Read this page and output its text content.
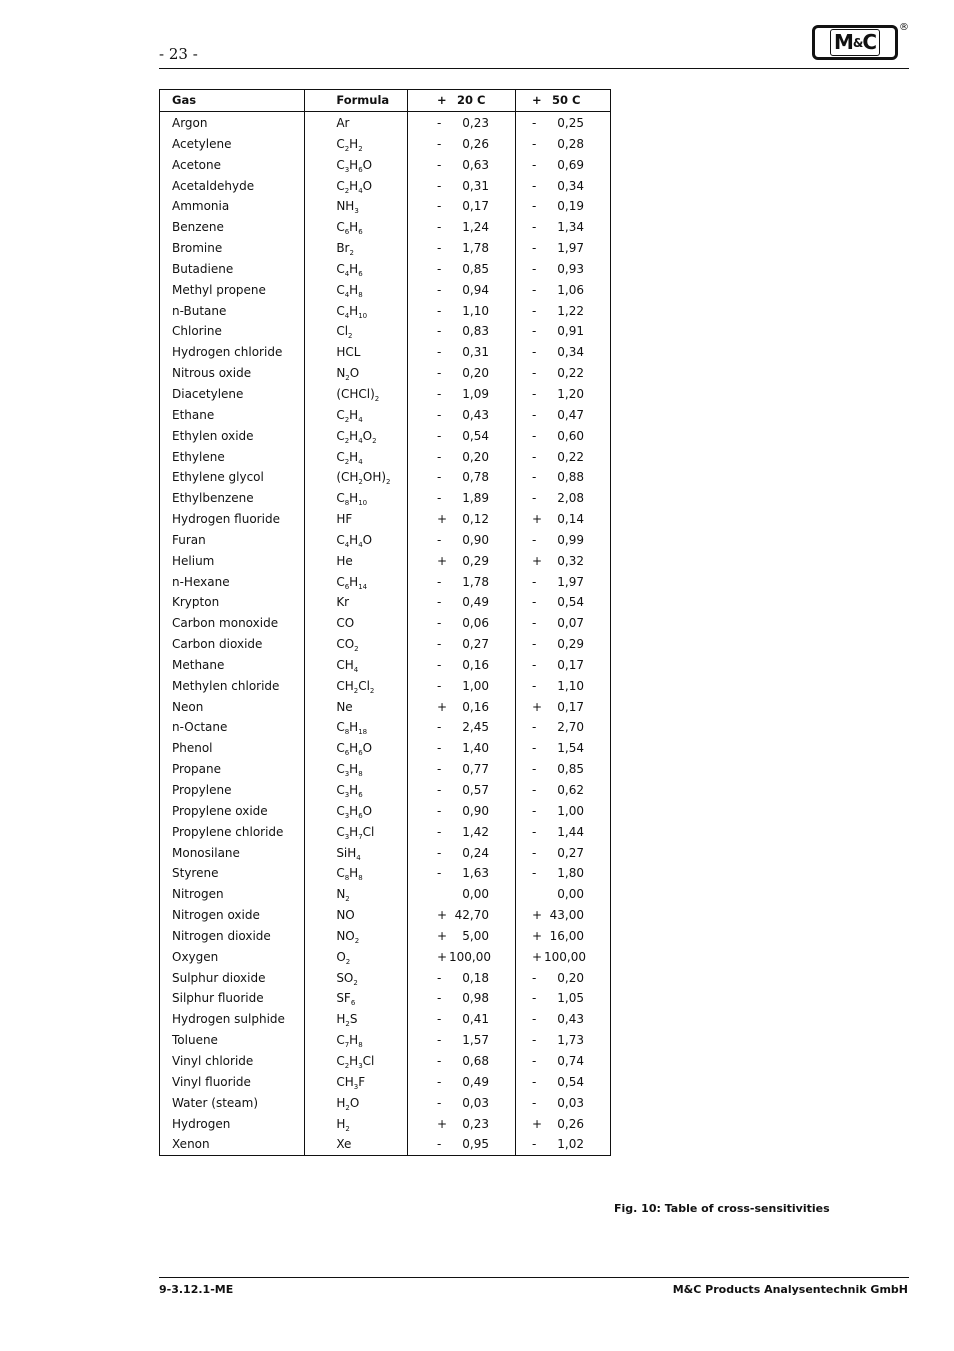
- 23 -	M&C
®
Gas	Formula	+ 20 C	+ 50 C
Argon	Ar	- 0,23	- 0,25
Acetylene	$C_2H_2$	- 0,26	- 0,28
Acetone	$C_3H_6O$	- 0,63	- 0,69
Acetaldehyde	$C_2H_4O$	- 0,31	- 0,34
Ammonia	$NH_3$	- 0,17	- 0,19
Benzene	$C_6H_6$	- 1,24	- 1,34
Bromine	$Br_2$	- 1,78	- 1,97
Butadiene	$C_4H_6$	- 0,85	- 0,93
Methyl propene	$C_4H_8$	- 0,94	- 1,06
n-Butane	$C_4H_{10}$	- 1,10	- 1,22
Chlorine	$Cl_2$	- 0,83	- 0,91
Hydrogen chloride	HCL	- 0,31	- 0,34
Nitrous oxide	$N_2O$	- 0,20	- 0,22
Diacetylene	$(CHCl)_2$	- 1,09	- 1,20
Ethane	$C_2H_4$	- 0,43	- 0,47
Ethylen oxide	$C_2H_4O_2$	- 0,54	- 0,60
Ethylene	$C_2H_4$	- 0,20	- 0,22
Ethylene glycol	$(CH_2OH)_2$	- 0,78	- 0,88
Ethylbenzene	$C_8H_{10}$	- 1,89	- 2,08
Hydrogen fluoride	HF	+ 0,12	+ 0,14
Furan	$C_4H_4O$	- 0,90	- 0,99
Helium	He	+ 0,29	+ 0,32
n-Hexane	$C_6H_{14}$	- 1,78	- 1,97
Krypton	Kr	- 0,49	- 0,54
Carbon monoxide	CO	- 0,06	- 0,07
Carbon dioxide	$CO_2$	- 0,27	- 0,29
Methane	$CH_4$	- 0,16	- 0,17
Methylen chloride	$CH_2Cl_2$	- 1,00	- 1,10
Neon	Ne	+ 0,16	+ 0,17
n-Octane	$C_8H_{18}$	- 2,45	- 2,70
Phenol	$C_6H_6O$	- 1,40	- 1,54
Propane	$C_3H_8$	- 0,77	- 0,85
Propylene	$C_3H_6$	- 0,57	- 0,62
Propylene oxide	$C_3H_6O$	- 0,90	- 1,00
Propylene chloride	$C_3H_7Cl$	- 1,42	- 1,44
Monosilane	SiH$_4$	- 0,24	- 0,27
Styrene	$C_8H_8$	- 1,63	- 1,80
Nitrogen	$N_2$	0,00	0,00
Nitrogen oxide	NO	+ 42,70	+ 43,00
Nitrogen dioxide	$NO_2$	+ 5,00	+ 16,00
Oxygen	$O_2$	+ 100,00	+ 100,00
Sulphur dioxide	$SO_2$	- 0,18	- 0,20
Silphur fluoride	$SF_6$	- 0,98	- 1,05
Hydrogen sulphide	$H_2S$	- 0,41	- 0,43
Toluene	$C_7H_8$	- 1,57	- 1,73
Vinyl chloride	$C_2H_3Cl$	- 0,68	- 0,74
Vinyl fluoride	$CH_3F$	- 0,49	- 0,54
Water (steam)	$H_2O$	- 0,03	- 0,03
Hydrogen	$H_2$	+ 0,23	+ 0,26
Xenon	Xe	- 0,95	- 1,02
Fig. 10: Table of cross-sensitivities
9-3.12.1-ME	M&C Products Analysentechnik GmbH
